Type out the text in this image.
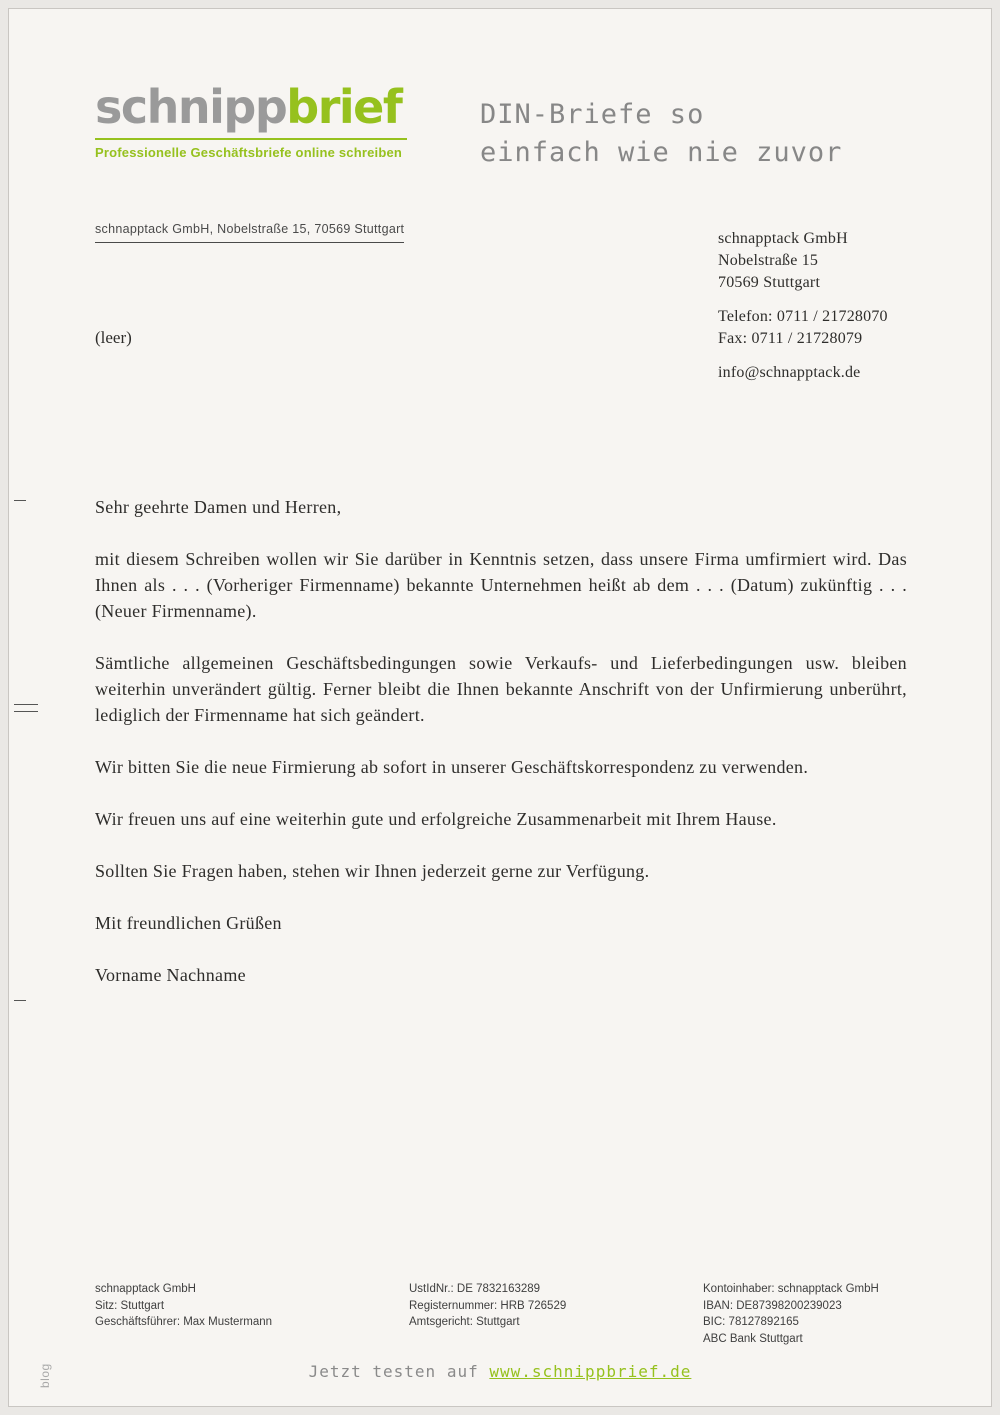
schnippbrief
Professionelle Geschäftsbriefe online schreiben
DIN-Briefe so
einfach wie nie zuvor
schnapptack GmbH, Nobelstraße 15, 70569 Stuttgart
schnapptack GmbH
Nobelstraße 15
70569 Stuttgart
Telefon: 0711 / 21728070
Fax: 0711 / 21728079
info@schnapptack.de
(leer)

Sehr geehrte Damen und Herren,

mit diesem Schreiben wollen wir Sie darüber in Kenntnis setzen, dass unsere Firma umfirmiert wird. Das Ihnen als . . . (Vorheriger Firmenname) bekannte Unternehmen heißt ab dem . . . (Datum) zukünftig . . . (Neuer Firmenname).

Sämtliche allgemeinen Geschäftsbedingungen sowie Verkaufs- und Lieferbedingungen usw. bleiben weiterhin unverändert gültig. Ferner bleibt die Ihnen bekannte Anschrift von der Unfirmierung unberührt, lediglich der Firmenname hat sich geändert.

Wir bitten Sie die neue Firmierung ab sofort in unserer Geschäftskorrespondenz zu verwenden.

Wir freuen uns auf eine weiterhin gute und erfolgreiche Zusammenarbeit mit Ihrem Hause.

Sollten Sie Fragen haben, stehen wir Ihnen jederzeit gerne zur Verfügung.

Mit freundlichen Grüßen

Vorname Nachname

schnapptack GmbH
Sitz: Stuttgart
Geschäftsführer: Max Mustermann
UstIdNr.: DE 7832163289
Registernummer: HRB 726529
Amtsgericht: Stuttgart
Kontoinhaber: schnapptack GmbH
IBAN: DE87398200239023
BIC: 78127892165
ABC Bank Stuttgart
Jetzt testen auf www.schnippbrief.de
blog
